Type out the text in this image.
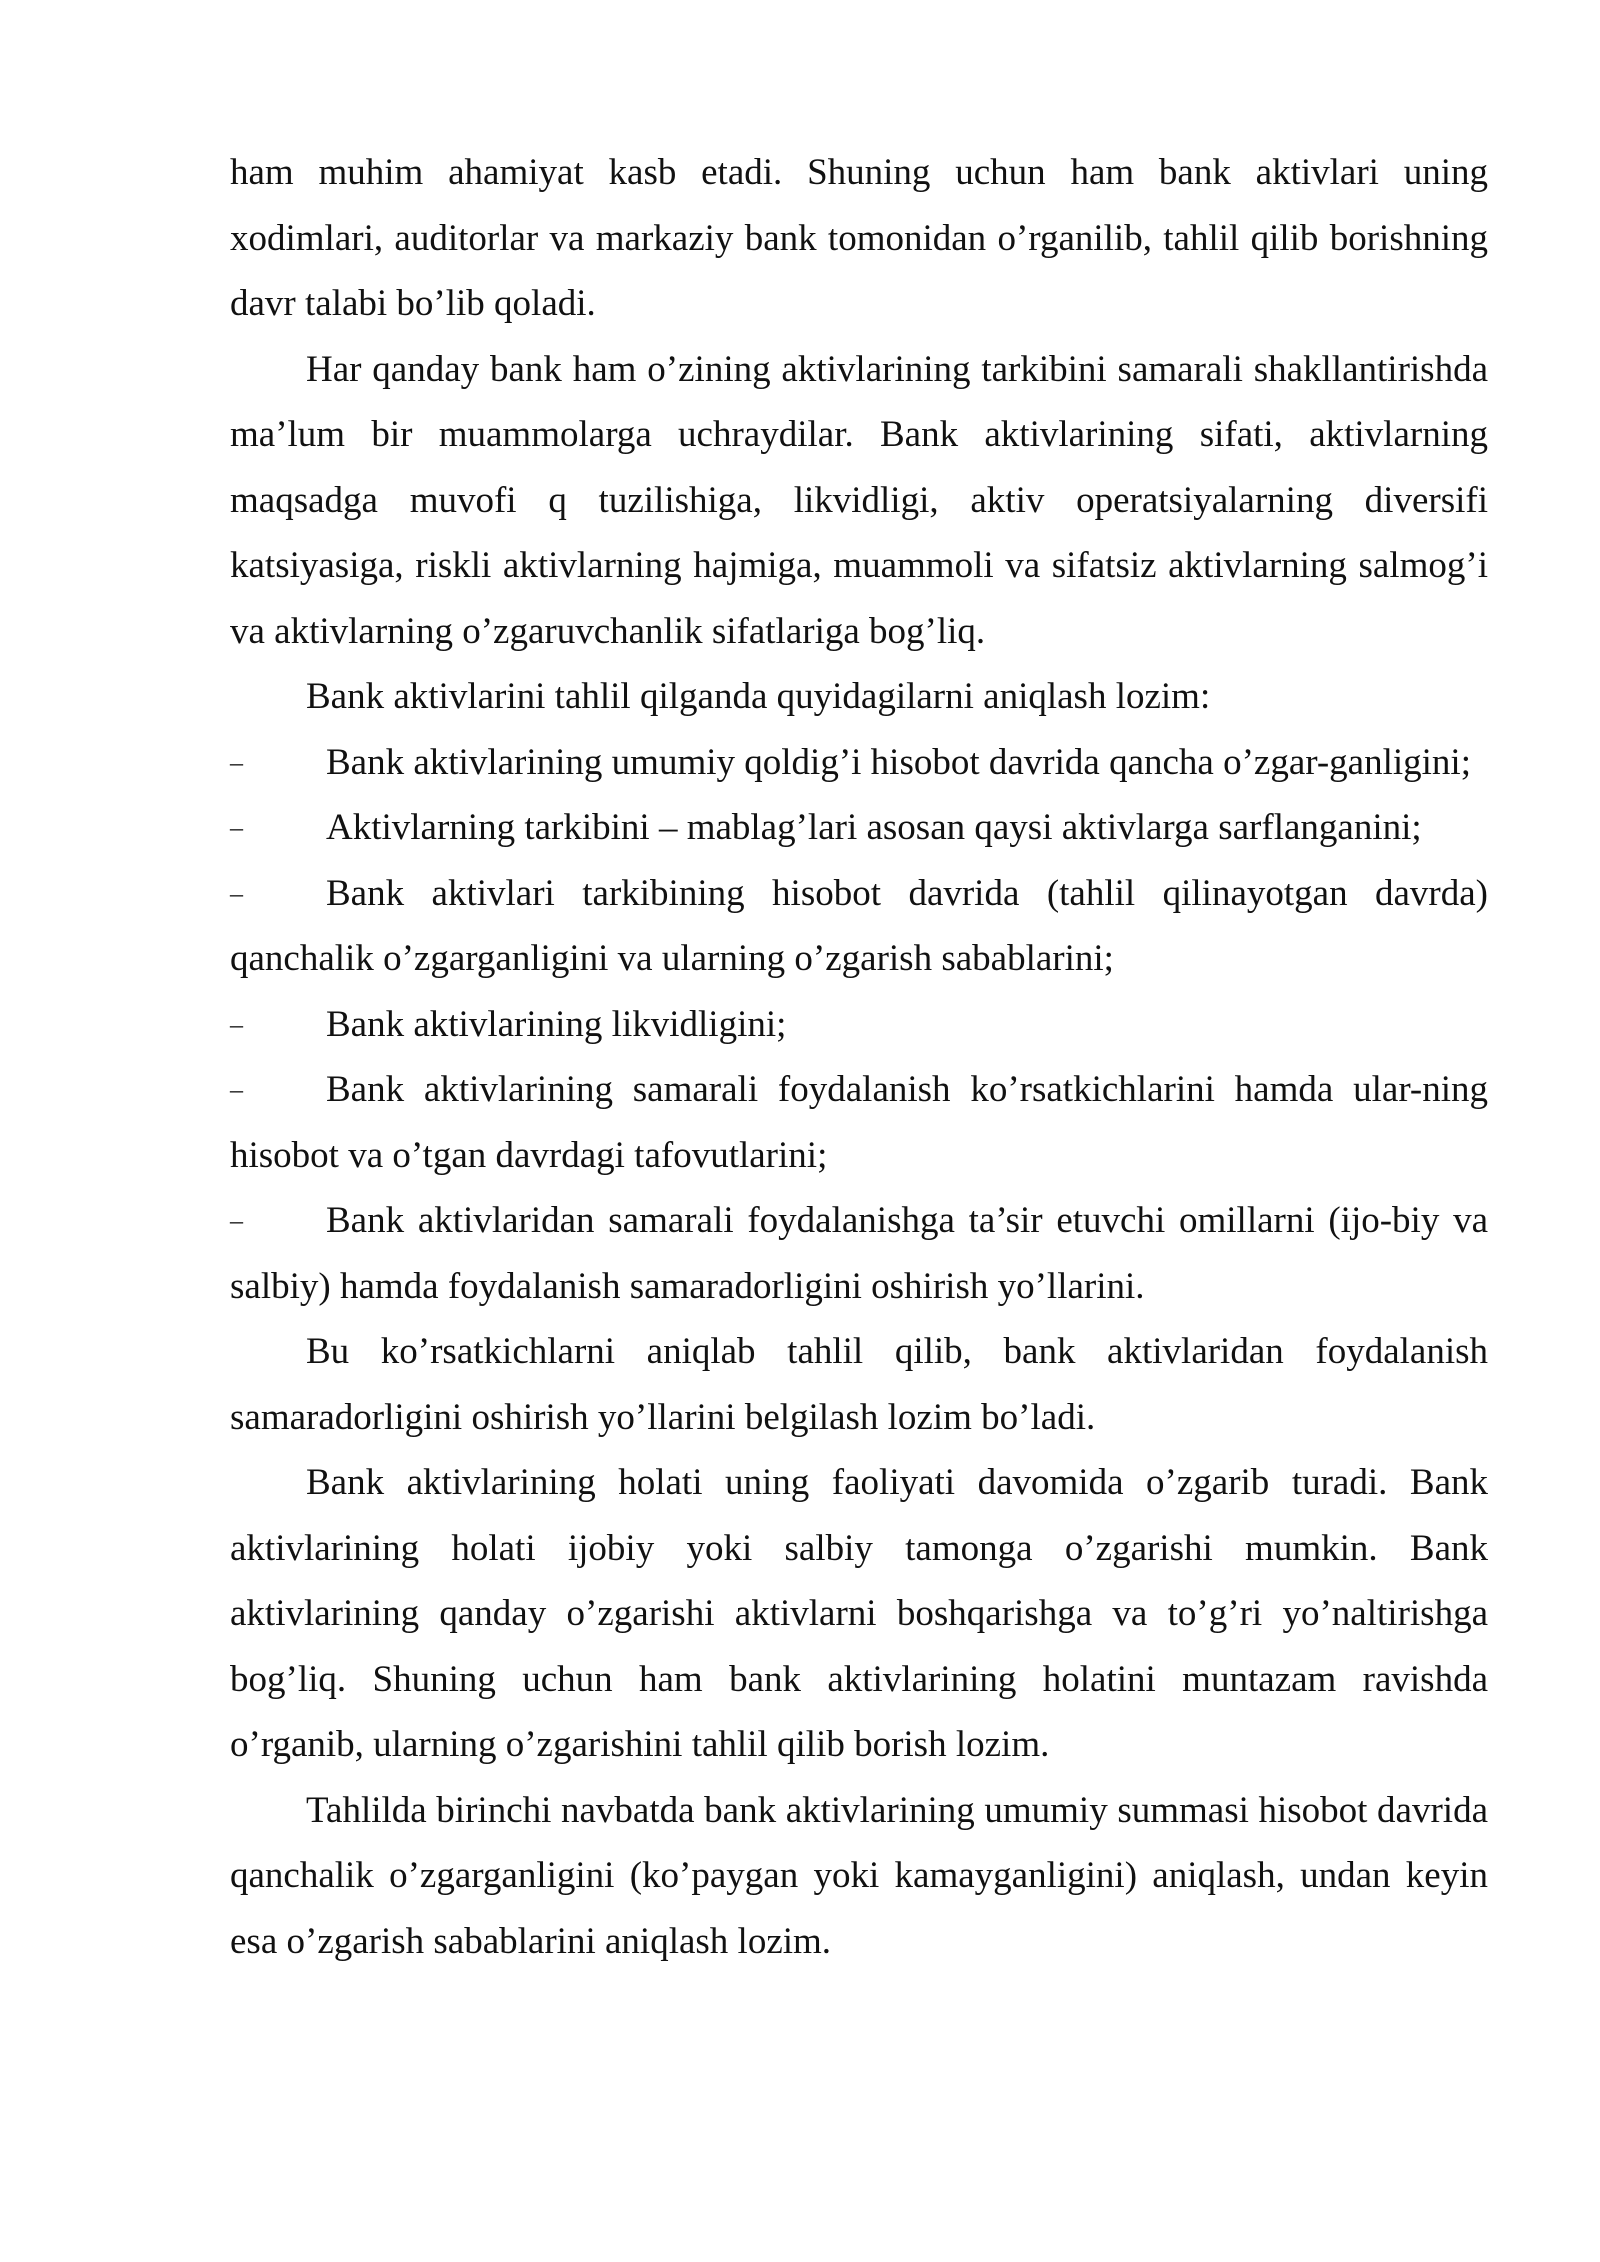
ham muhim ahamiyat kasb etadi. Shuning uchun ham bank aktivlari uning xodimlari, auditorlar va markaziy bank tomonidan o’rganilib, tahlil qilib borishning davr talabi bo’lib qoladi.

Har qanday bank ham o’zining aktivlarining tarkibini samarali shakllantirishda ma’lum bir muammolarga uchraydilar. Bank aktivlarining sifati, aktivlarning maqsadga muvofi q tuzilishiga, likvidligi, aktiv operatsiyalarning diversifi katsiyasiga, riskli aktivlarning hajmiga, muammoli va sifatsiz aktivlarning salmog’i va aktivlarning o’zgaruvchanlik sifatlariga bog’liq.

Bank aktivlarini tahlil qilganda quyidagilarni aniqlash lozim:

– Bank aktivlarining umumiy qoldig’i hisobot davrida qancha o’zgar-ganligini;

– Aktivlarning tarkibini – mablag’lari asosan qaysi aktivlarga sarflanganini;

– Bank aktivlari tarkibining hisobot davrida (tahlil qilinayotgan davrda) qanchalik o’zgarganligini va ularning o’zgarish sabablarini;

– Bank aktivlarining likvidligini;

– Bank aktivlarining samarali foydalanish ko’rsatkichlarini hamda ular-ning hisobot va o’tgan davrdagi tafovutlarini;

– Bank aktivlaridan samarali foydalanishga ta’sir etuvchi omillarni (ijo-biy va salbiy) hamda foydalanish samaradorligini oshirish yo’llarini.

Bu ko’rsatkichlarni aniqlab tahlil qilib, bank aktivlaridan foydalanish samaradorligini oshirish yo’llarini belgilash lozim bo’ladi.

Bank aktivlarining holati uning faoliyati davomida o’zgarib turadi. Bank aktivlarining holati ijobiy yoki salbiy tamonga o’zgarishi mumkin. Bank aktivlarining qanday o’zgarishi aktivlarni boshqarishga va to’g’ri yo’naltirishga bog’liq. Shuning uchun ham bank aktivlarining holatini muntazam ravishda o’rganib, ularning o’zgarishini tahlil qilib borish lozim.

Tahlilda birinchi navbatda bank aktivlarining umumiy summasi hisobot davrida qanchalik o’zgarganligini (ko’paygan yoki kamayganligini) aniqlash, undan keyin esa o’zgarish sabablarini aniqlash lozim.
